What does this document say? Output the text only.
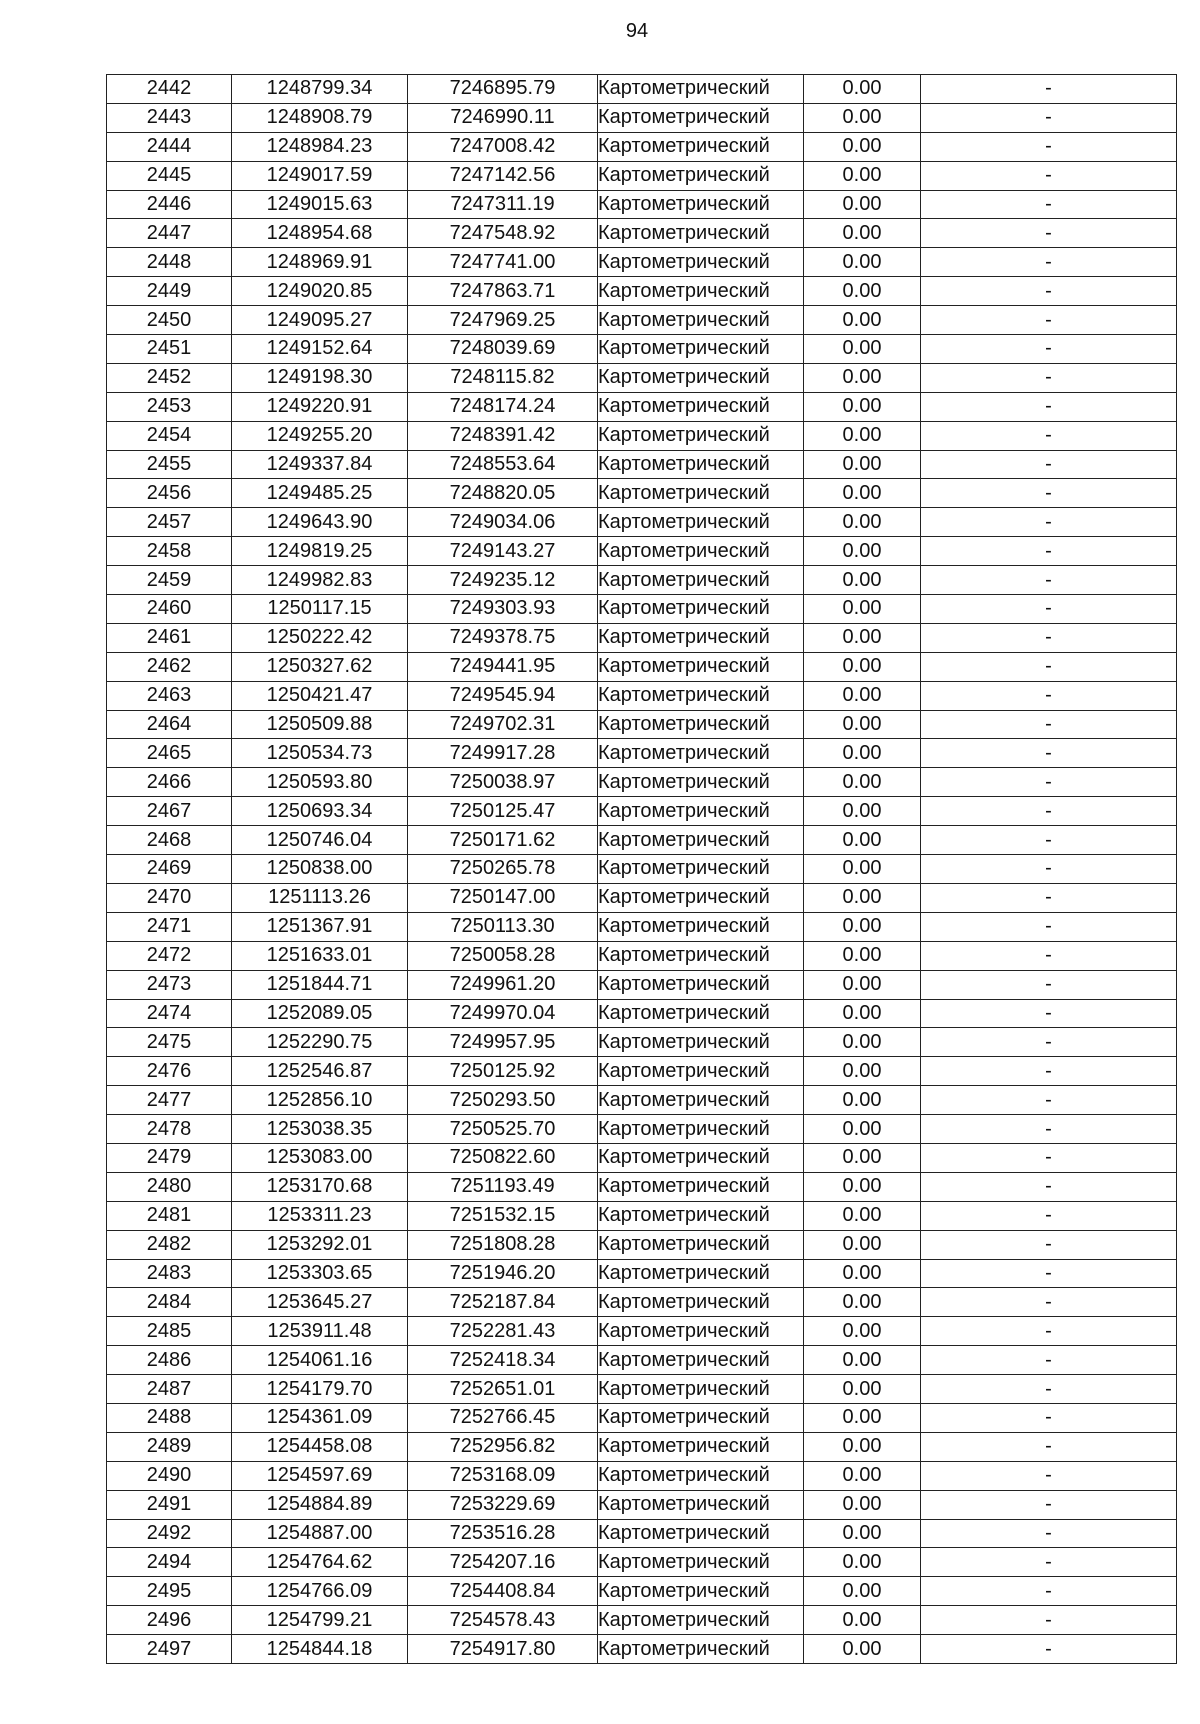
94
2442	1248799.34	7246895.79	Картометрический	0.00	-
2443	1248908.79	7246990.11	Картометрический	0.00	-
2444	1248984.23	7247008.42	Картометрический	0.00	-
2445	1249017.59	7247142.56	Картометрический	0.00	-
2446	1249015.63	7247311.19	Картометрический	0.00	-
2447	1248954.68	7247548.92	Картометрический	0.00	-
2448	1248969.91	7247741.00	Картометрический	0.00	-
2449	1249020.85	7247863.71	Картометрический	0.00	-
2450	1249095.27	7247969.25	Картометрический	0.00	-
2451	1249152.64	7248039.69	Картометрический	0.00	-
2452	1249198.30	7248115.82	Картометрический	0.00	-
2453	1249220.91	7248174.24	Картометрический	0.00	-
2454	1249255.20	7248391.42	Картометрический	0.00	-
2455	1249337.84	7248553.64	Картометрический	0.00	-
2456	1249485.25	7248820.05	Картометрический	0.00	-
2457	1249643.90	7249034.06	Картометрический	0.00	-
2458	1249819.25	7249143.27	Картометрический	0.00	-
2459	1249982.83	7249235.12	Картометрический	0.00	-
2460	1250117.15	7249303.93	Картометрический	0.00	-
2461	1250222.42	7249378.75	Картометрический	0.00	-
2462	1250327.62	7249441.95	Картометрический	0.00	-
2463	1250421.47	7249545.94	Картометрический	0.00	-
2464	1250509.88	7249702.31	Картометрический	0.00	-
2465	1250534.73	7249917.28	Картометрический	0.00	-
2466	1250593.80	7250038.97	Картометрический	0.00	-
2467	1250693.34	7250125.47	Картометрический	0.00	-
2468	1250746.04	7250171.62	Картометрический	0.00	-
2469	1250838.00	7250265.78	Картометрический	0.00	-
2470	1251113.26	7250147.00	Картометрический	0.00	-
2471	1251367.91	7250113.30	Картометрический	0.00	-
2472	1251633.01	7250058.28	Картометрический	0.00	-
2473	1251844.71	7249961.20	Картометрический	0.00	-
2474	1252089.05	7249970.04	Картометрический	0.00	-
2475	1252290.75	7249957.95	Картометрический	0.00	-
2476	1252546.87	7250125.92	Картометрический	0.00	-
2477	1252856.10	7250293.50	Картометрический	0.00	-
2478	1253038.35	7250525.70	Картометрический	0.00	-
2479	1253083.00	7250822.60	Картометрический	0.00	-
2480	1253170.68	7251193.49	Картометрический	0.00	-
2481	1253311.23	7251532.15	Картометрический	0.00	-
2482	1253292.01	7251808.28	Картометрический	0.00	-
2483	1253303.65	7251946.20	Картометрический	0.00	-
2484	1253645.27	7252187.84	Картометрический	0.00	-
2485	1253911.48	7252281.43	Картометрический	0.00	-
2486	1254061.16	7252418.34	Картометрический	0.00	-
2487	1254179.70	7252651.01	Картометрический	0.00	-
2488	1254361.09	7252766.45	Картометрический	0.00	-
2489	1254458.08	7252956.82	Картометрический	0.00	-
2490	1254597.69	7253168.09	Картометрический	0.00	-
2491	1254884.89	7253229.69	Картометрический	0.00	-
2492	1254887.00	7253516.28	Картометрический	0.00	-
2494	1254764.62	7254207.16	Картометрический	0.00	-
2495	1254766.09	7254408.84	Картометрический	0.00	-
2496	1254799.21	7254578.43	Картометрический	0.00	-
2497	1254844.18	7254917.80	Картометрический	0.00	-
